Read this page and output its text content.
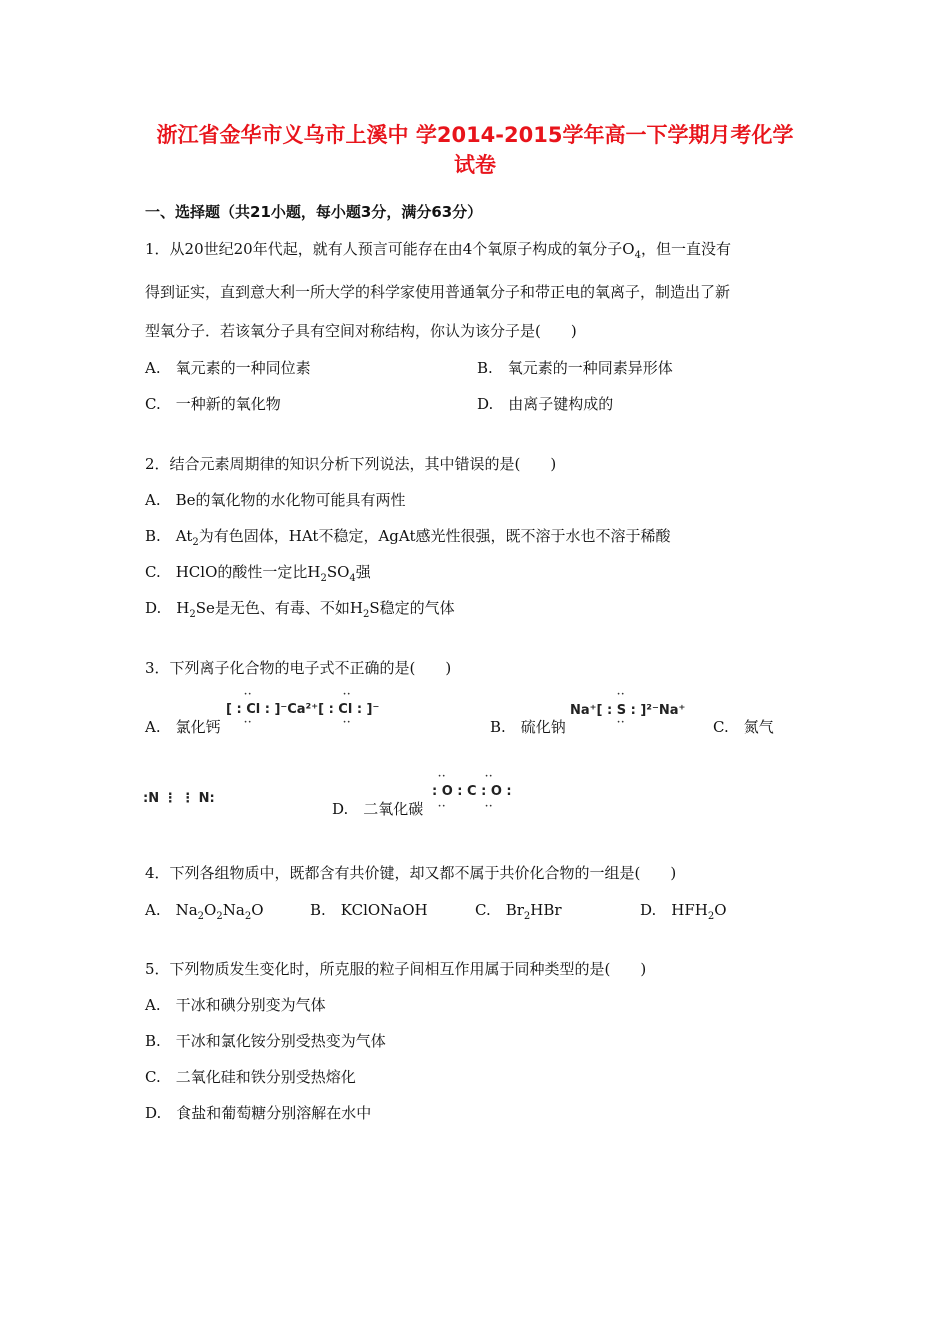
浙江省金华市义乌市上溪中 学2014-2015学年高一下学期月考化学
试卷
一、选择题（共21小题，每小题3分，满分63分）
1．从20世纪20年代起，就有人预言可能存在由4个氧原子构成的氧分子$O_4$，但一直没有
得到证实，直到意大利一所大学的科学家使用普通氧分子和带正电的氧离子，制造出了新
型氧分子．若该氧分子具有空间对称结构，你认为该分子是(　　)
A.　氧元素的一种同位素	B.　氧元素的一种同素异形体
C.　一种新的氧化物	D.　由离子键构成的
2．结合元素周期律的知识分析下列说法，其中错误的是(　　)
A.　Be的氧化物的水化物可能具有两性
B.　$At_2$为有色固体，HAt不稳定，AgAt感光性很强，既不溶于水也不溶于稀酸
C.　HClO的酸性一定比$H_2SO_4$强
D.　$H_2Se$是无色、有毒、不如$H_2S$稳定的气体
3．下列离子化合物的电子式不正确的是(　　)
A.　氯化钙
[ : Cl : ]⁻Ca²⁺[ : Cl : ]⁻
··
··
··
··	B.　硫化钠
Na⁺[ : S : ]²⁻Na⁺
··
··	C.　氮气
:N ⋮ ⋮ N:
D.　二氧化碳
: O : C : O :
··
··
··
··
4．下列各组物质中，既都含有共价键，却又都不属于共价化合物的一组是(　　)
A.　$Na_2O_2Na_2O$	B.　KClONaOH	C.　$Br_2HBr$	D.　$HFH_2O$
5．下列物质发生变化时，所克服的粒子间相互作用属于同种类型的是(　　)
A.　干冰和碘分别变为气体
B.　干冰和氯化铵分别受热变为气体
C.　二氧化硅和铁分别受热熔化
D.　食盐和葡萄糖分别溶解在水中
